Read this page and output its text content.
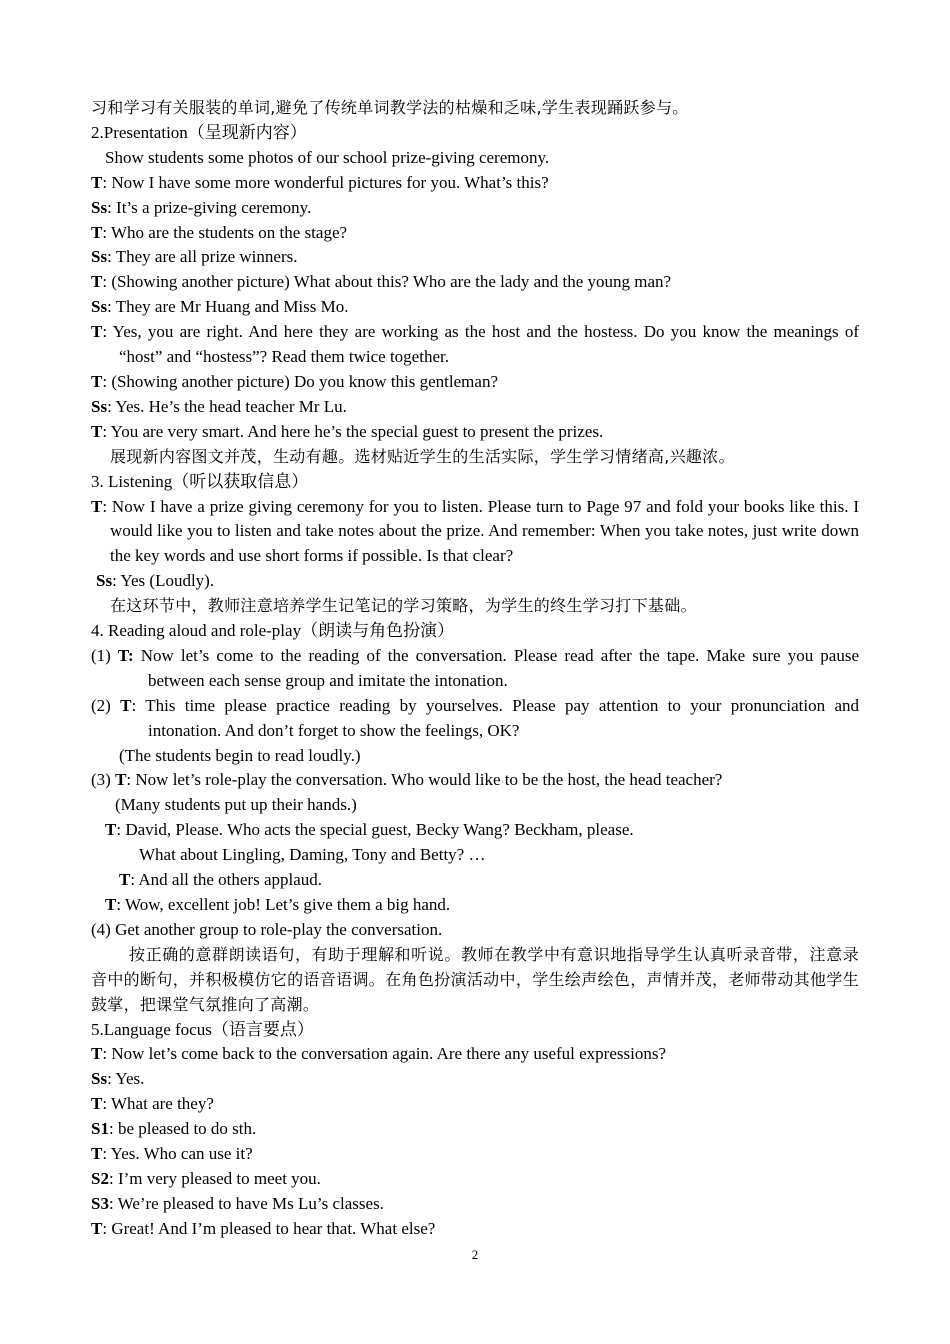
习和学习有关服装的单词,避免了传统单词教学法的枯燥和乏味,学生表现踊跃参与。
2.Presentation（呈现新内容）
Show students some photos of our school prize-giving ceremony.
T: Now I have some more wonderful pictures for you. What’s this?
Ss: It’s a prize-giving ceremony.
T: Who are the students on the stage?
Ss: They are all prize winners.
T: (Showing another picture) What about this? Who are the lady and the young man?
Ss: They are Mr Huang and Miss Mo.
T: Yes, you are right. And here they are working as the host and the hostess. Do you know the meanings of “host” and “hostess”? Read them twice together.
T: (Showing another picture) Do you know this gentleman?
Ss: Yes. He’s the head teacher Mr Lu.
T: You are very smart. And here he’s the special guest to present the prizes.
展现新内容图文并茂，生动有趣。选材贴近学生的生活实际，学生学习情绪高,兴趣浓。
3. Listening（听以获取信息）
T: Now I have a prize giving ceremony for you to listen. Please turn to Page 97 and fold your books like this. I would like you to listen and take notes about the prize. And remember: When you take notes, just write down the key words and use short forms if possible. Is that clear?
Ss: Yes (Loudly).
在这环节中，教师注意培养学生记笔记的学习策略，为学生的终生学习打下基础。
4. Reading aloud and role-play（朗读与角色扮演）
(1) T: Now let’s come to the reading of the conversation. Please read after the tape. Make sure you pause between each sense group and imitate the intonation.
(2) T: This time please practice reading by yourselves. Please pay attention to your pronunciation and intonation. And don’t forget to show the feelings, OK?
(The students begin to read loudly.)
(3) T: Now let’s role-play the conversation. Who would like to be the host, the head teacher?
(Many students put up their hands.)
T: David, Please. Who acts the special guest, Becky Wang? Beckham, please.
What about Lingling, Daming, Tony and Betty? …
T: And all the others applaud.
T: Wow, excellent job! Let’s give them a big hand.
(4) Get another group to role-play the conversation.
按正确的意群朗读语句，有助于理解和听说。教师在教学中有意识地指导学生认真听录音带，注意录音中的断句，并积极模仿它的语音语调。在角色扮演活动中，学生绘声绘色，声情并茂，老师带动其他学生鼓掌，把课堂气氛推向了高潮。
5.Language focus（语言要点）
T: Now let’s come back to the conversation again. Are there any useful expressions?
Ss: Yes.
T: What are they?
S1: be pleased to do sth.
T: Yes. Who can use it?
S2: I’m very pleased to meet you.
S3: We’re pleased to have Ms Lu’s classes.
T: Great! And I’m pleased to hear that. What else?
2
